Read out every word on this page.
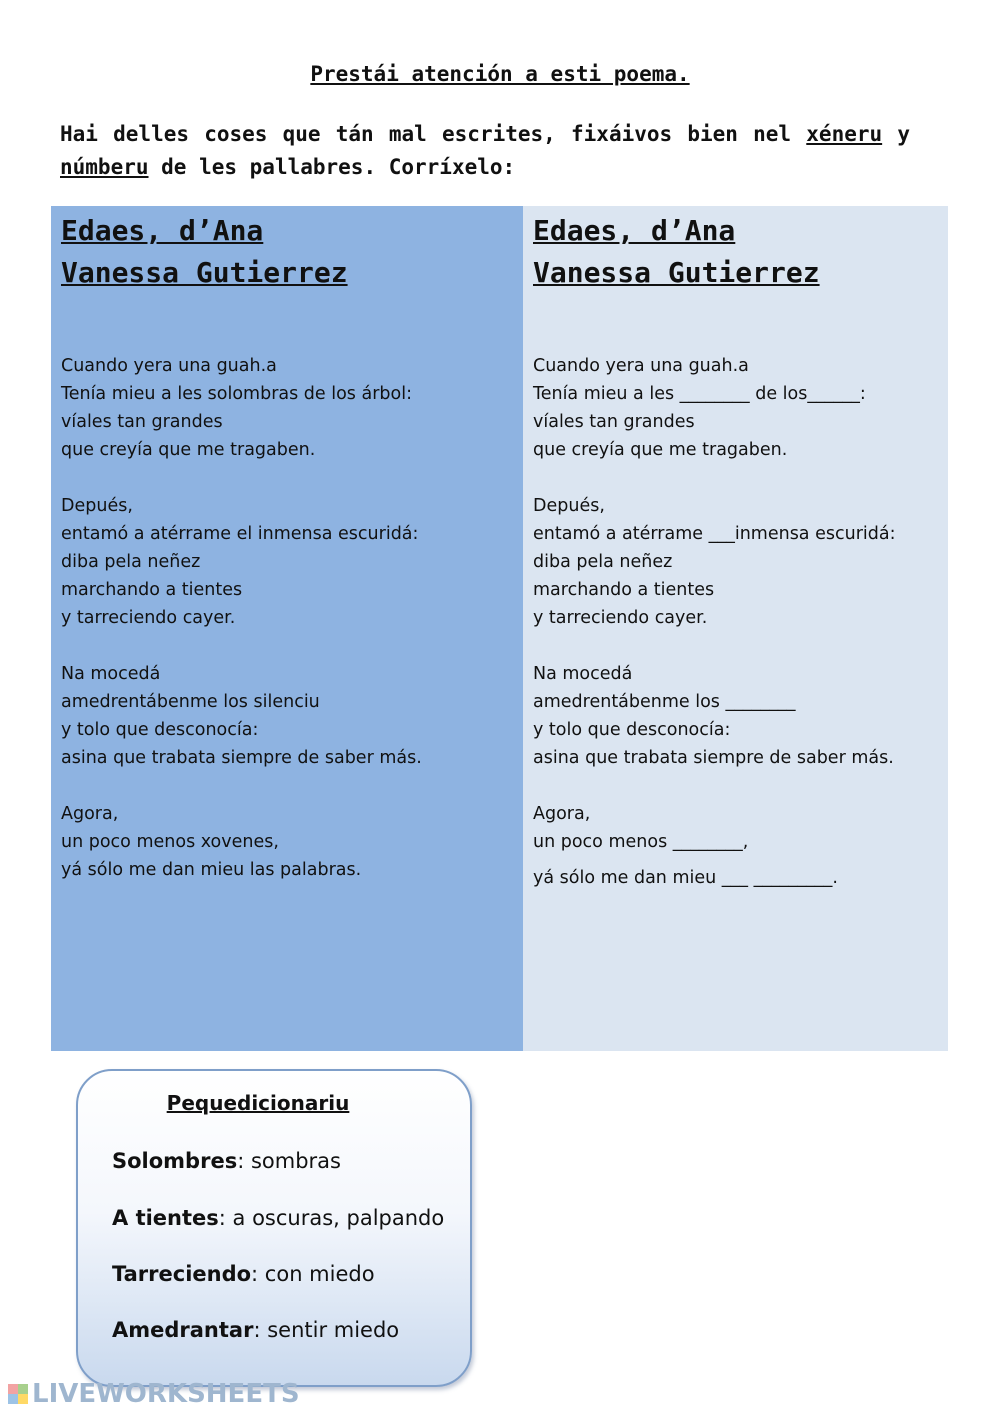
Prestái atención a esti poema.
Hai delles coses que tán mal escrites, fixáivos bien nel xéneru y númberu de les pallabres. Corríxelo:
Edaes, d’Ana
Vanessa Gutierrez
Cuando yera una guah.a
Tenía mieu a les solombras de los árbol:
víales tan grandes
que creyía que me tragaben.
Depués,
entamó a atérrame el inmensa escuridá:
diba pela neñez
marchando a tientes
y tarreciendo cayer.
Na mocedá
amedrentábenme los silenciu
y tolo que desconocía:
asina que trabata siempre de saber más.
Agora,
un poco menos xovenes,
yá sólo me dan mieu las palabras.
Edaes, d’Ana
Vanessa Gutierrez
Cuando yera una guah.a
Tenía mieu a les ________ de los______:
víales tan grandes
que creyía que me tragaben.
Depués,
entamó a atérrame ___inmensa escuridá:
diba pela neñez
marchando a tientes
y tarreciendo cayer.
Na mocedá
amedrentábenme los ________
y tolo que desconocía:
asina que trabata siempre de saber más.
Agora,
un poco menos ________,
yá sólo me dan mieu ___ _________.
Pequedicionariu
Solombres: sombras
A tientes: a oscuras, palpando
Tarreciendo: con miedo
Amedrantar: sentir miedo
LIVEWORKSHEETS
